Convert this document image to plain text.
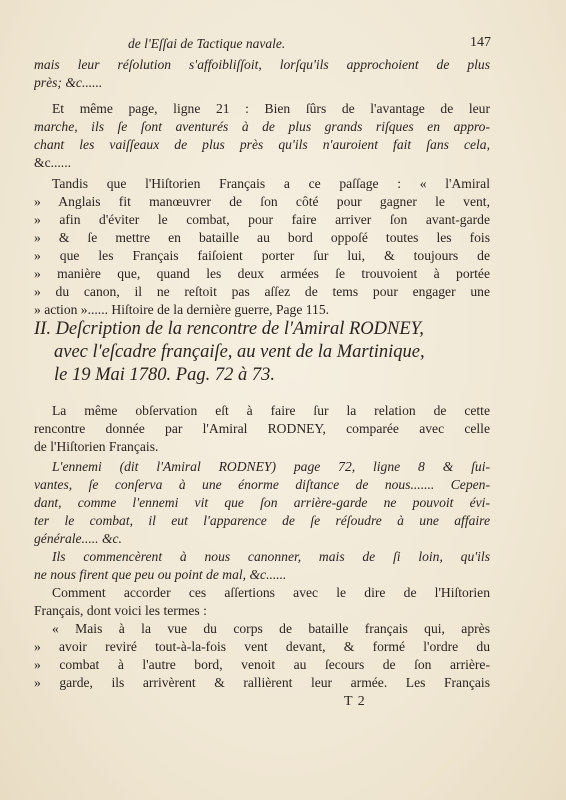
de l'Eſſai de Tactique navale.	147
mais leur réſolution s'affoibliſſoit, lorſqu'ils approchoient de plus
près; &c......
Et même page, ligne 21 : Bien ſûrs de l'avantage de leur
marche, ils ſe ſont aventurés à de plus grands riſques en appro-
chant les vaiſſeaux de plus près qu'ils n'auroient fait ſans cela,
&c......
Tandis que l'Hiſtorien Français a ce paſſage : « l'Amiral
» Anglais fit manœuvrer de ſon côté pour gagner le vent,
» afin d'éviter le combat, pour faire arriver ſon avant-garde
» & ſe mettre en bataille au bord oppoſé toutes les fois
» que les Français faiſoient porter ſur lui, & toujours de
» manière que, quand les deux armées ſe trouvoient à portée
» du canon, il ne reſtoit pas aſſez de tems pour engager une
» action »...... Hiſtoire de la dernière guerre, Page 115.
II. Deſcription de la rencontre de l'Amiral RODNEY,
avec l'eſcadre françaiſe, au vent de la Martinique,
le 19 Mai 1780. Pag. 72 à 73.
La même obſervation eſt à faire ſur la relation de cette
rencontre donnée par l'Amiral RODNEY, comparée avec celle
de l'Hiſtorien Français.
L'ennemi (dit l'Amiral RODNEY) page 72, ligne 8 & ſui-
vantes, ſe conſerva à une énorme diſtance de nous....... Cepen-
dant, comme l'ennemi vit que ſon arrière-garde ne pouvoit évi-
ter le combat, il eut l'apparence de ſe réſoudre à une affaire
générale..... &c.
Ils commencèrent à nous canonner, mais de ſi loin, qu'ils
ne nous firent que peu ou point de mal, &c......
Comment accorder ces aſſertions avec le dire de l'Hiſtorien
Français, dont voici les termes :
« Mais à la vue du corps de bataille français qui, après
» avoir reviré tout-à-la-fois vent devant, & formé l'ordre du
» combat à l'autre bord, venoit au ſecours de ſon arrière-
» garde, ils arrivèrent & rallièrent leur armée. Les Français
T 2
